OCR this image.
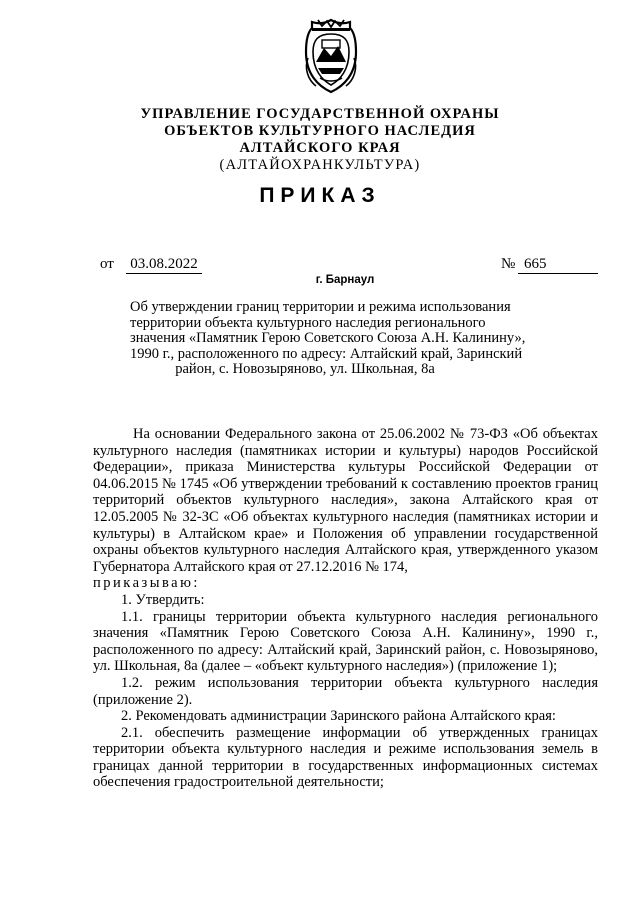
УПРАВЛЕНИЕ ГОСУДАРСТВЕННОЙ ОХРАНЫ
ОБЪЕКТОВ КУЛЬТУРНОГО НАСЛЕДИЯ
АЛТАЙСКОГО КРАЯ
(АЛТАЙОХРАНКУЛЬТУРА)
ПРИКАЗ
от 03.08.2022	№ 665
г. Барнаул
Об утверждении границ территории и режима использования
территории объекта культурного наследия регионального
значения «Памятник Герою Советского Союза А.Н. Калинину»,
1990 г., расположенного по адресу: Алтайский край, Заринский
район, с. Новозыряново, ул. Школьная, 8а

На основании Федерального закона от 25.06.2002 № 73-ФЗ «Об объектах культурного наследия (памятниках истории и культуры) народов Российской Федерации», приказа Министерства культуры Российской Федерации от 04.06.2015 № 1745 «Об утверждении требований к составлению проектов границ территорий объектов культурного наследия», закона Алтайского края от 12.05.2005 № 32-ЗС «Об объектах культурного наследия (памятниках истории и культуры) в Алтайском крае» и Положения об управлении государственной охраны объектов культурного наследия Алтайского края, утвержденного указом Губернатора Алтайского края от 27.12.2016 № 174,

приказываю:

1. Утвердить:

1.1. границы территории объекта культурного наследия регионального значения «Памятник Герою Советского Союза А.Н. Калинину», 1990 г., расположенного по адресу: Алтайский край, Заринский район, с. Новозыряново, ул. Школьная, 8а (далее – «объект культурного наследия») (приложение 1);

1.2. режим использования территории объекта культурного наследия (приложение 2).

2. Рекомендовать администрации Заринского района Алтайского края:

2.1. обеспечить размещение информации об утвержденных границах территории объекта культурного наследия и режиме использования земель в границах данной территории в государственных информационных системах обеспечения градостроительной деятельности;
